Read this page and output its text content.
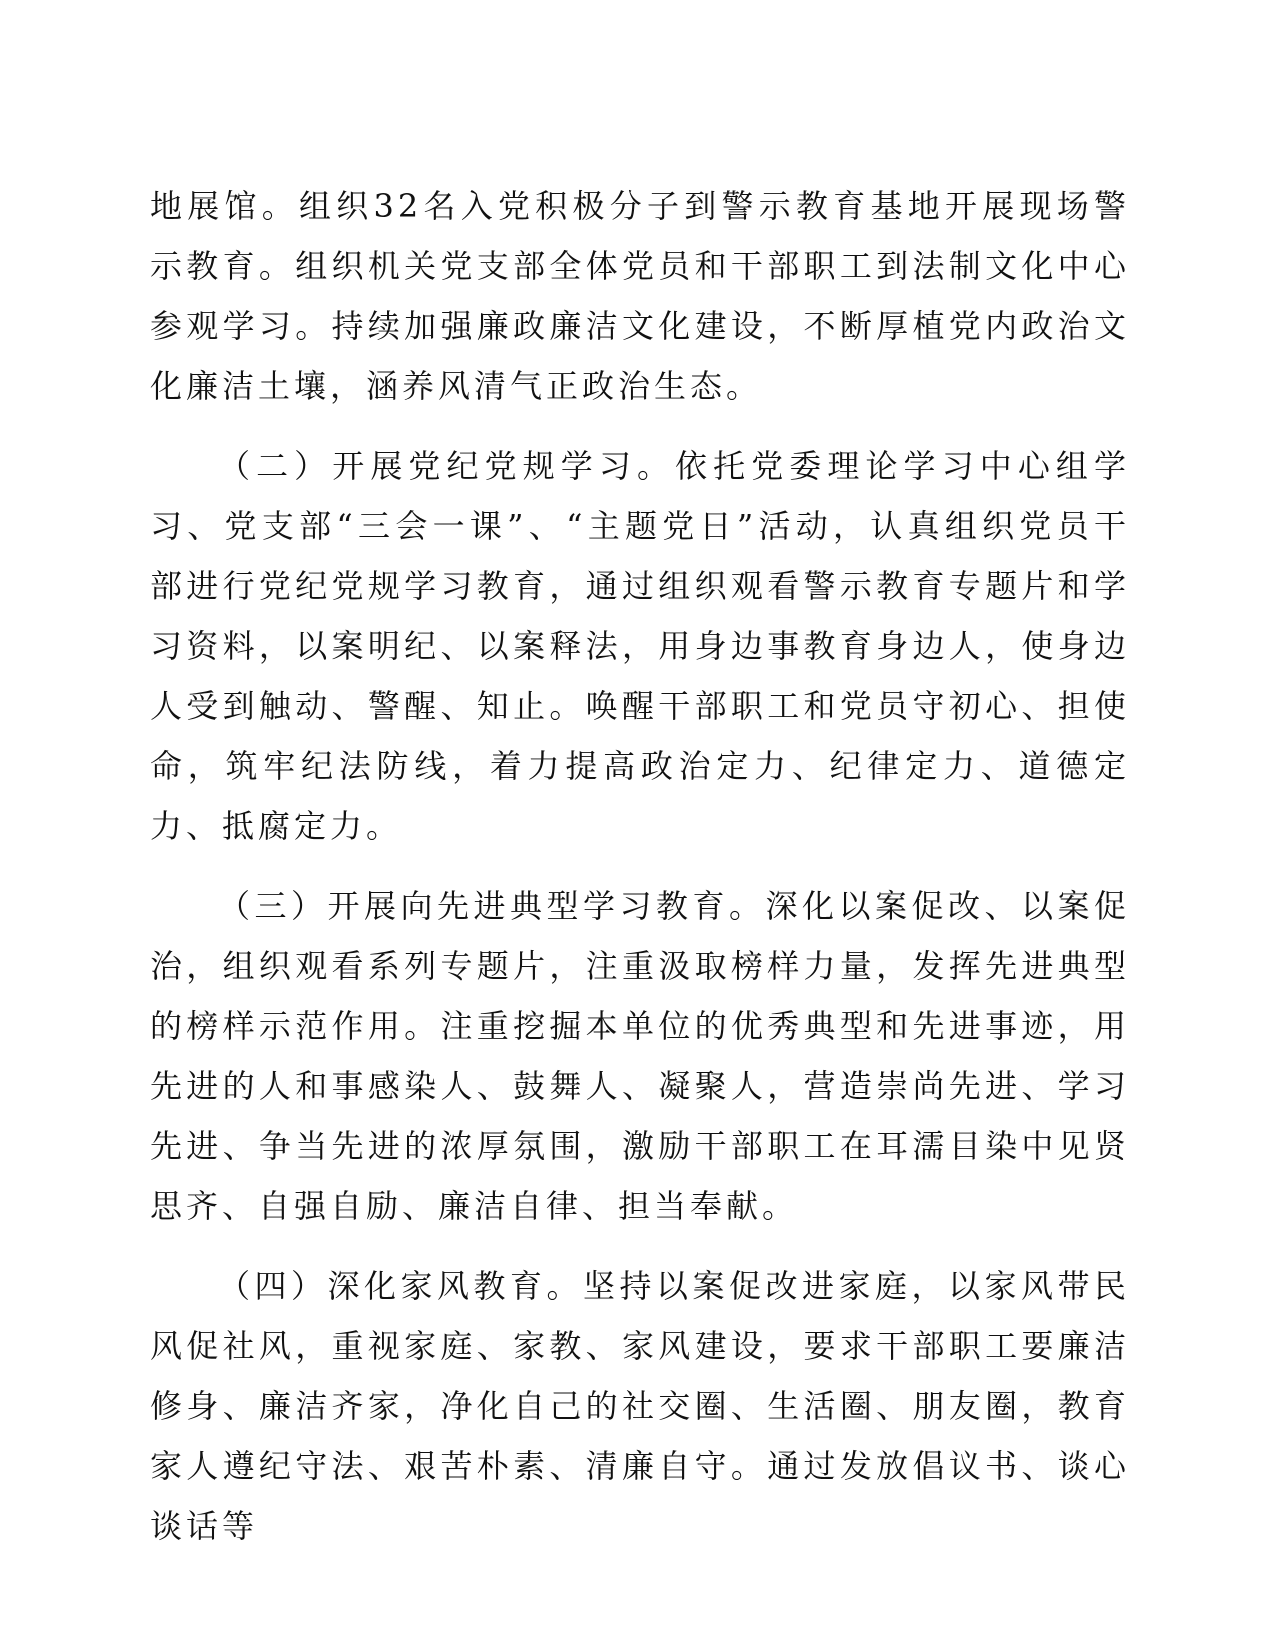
地展馆。组织32名入党积极分子到警示教育基地开展现场警示教育。组织机关党支部全体党员和干部职工到法制文化中心参观学习。持续加强廉政廉洁文化建设，不断厚植党内政治文化廉洁土壤，涵养风清气正政治生态。

（二）开展党纪党规学习。依托党委理论学习中心组学习、党支部“三会一课”、“主题党日”活动，认真组织党员干部进行党纪党规学习教育，通过组织观看警示教育专题片和学习资料，以案明纪、以案释法，用身边事教育身边人，使身边人受到触动、警醒、知止。唤醒干部职工和党员守初心、担使命，筑牢纪法防线，着力提高政治定力、纪律定力、道德定力、抵腐定力。

（三）开展向先进典型学习教育。深化以案促改、以案促治，组织观看系列专题片，注重汲取榜样力量，发挥先进典型的榜样示范作用。注重挖掘本单位的优秀典型和先进事迹，用先进的人和事感染人、鼓舞人、凝聚人，营造崇尚先进、学习先进、争当先进的浓厚氛围，激励干部职工在耳濡目染中见贤思齐、自强自励、廉洁自律、担当奉献。

（四）深化家风教育。坚持以案促改进家庭，以家风带民风促社风，重视家庭、家教、家风建设，要求干部职工要廉洁修身、廉洁齐家，净化自己的社交圈、生活圈、朋友圈，教育家人遵纪守法、艰苦朴素、清廉自守。通过发放倡议书、谈心谈话等
